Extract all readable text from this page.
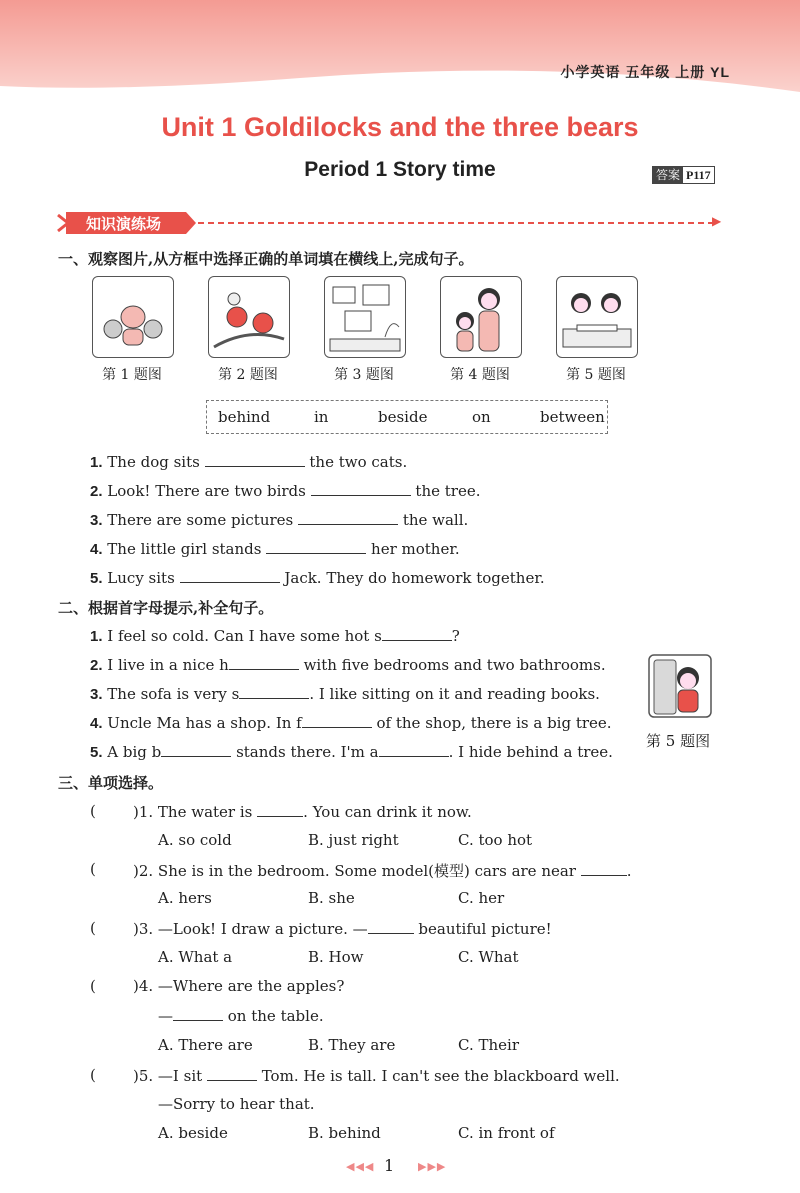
小学英语 五年级 上册 YL
Unit 1 Goldilocks and the three bears
Period 1 Story time	答案 P117
知识演练场	▶
一、观察图片,从方框中选择正确的单词填在横线上,完成句子。
第 1 题图	第 2 题图	第 3 题图	第 4 题图	第 5 题图
behind	in	beside	on	between
1. The dog sits	the two cats.
2. Look! There are two birds	the tree.
3. There are some pictures	the wall.
4. The little girl stands	her mother.
5. Lucy sits	Jack. They do homework together.
二、根据首字母提示,补全句子。
1. I feel so cold. Can I have some hot s	?
2. I live in a nice h	with five bedrooms and two bathrooms.
3. The sofa is very s	. I like sitting on it and reading books.
4. Uncle Ma has a shop. In f	of the shop, there is a big tree.
5. A big b	stands there. I'm a	. I hide behind a tree.
第 5 题图
三、单项选择。
( )1. The water is	. You can drink it now.
A. so cold	B. just right	C. too hot
( )2. She is in the bedroom. Some model(模型) cars are near	.
A. hers	B. she	C. her
( )3. —Look! I draw a picture. —	beautiful picture!
A. What a	B. How	C. What
( )4. —Where are the apples?
—	on the table.
A. There are	B. They are	C. Their
( )5. —I sit	Tom. He is tall. I can't see the blackboard well.
—Sorry to hear that.
A. beside	B. behind	C. in front of
◀◀◀ 1 ▶▶▶
